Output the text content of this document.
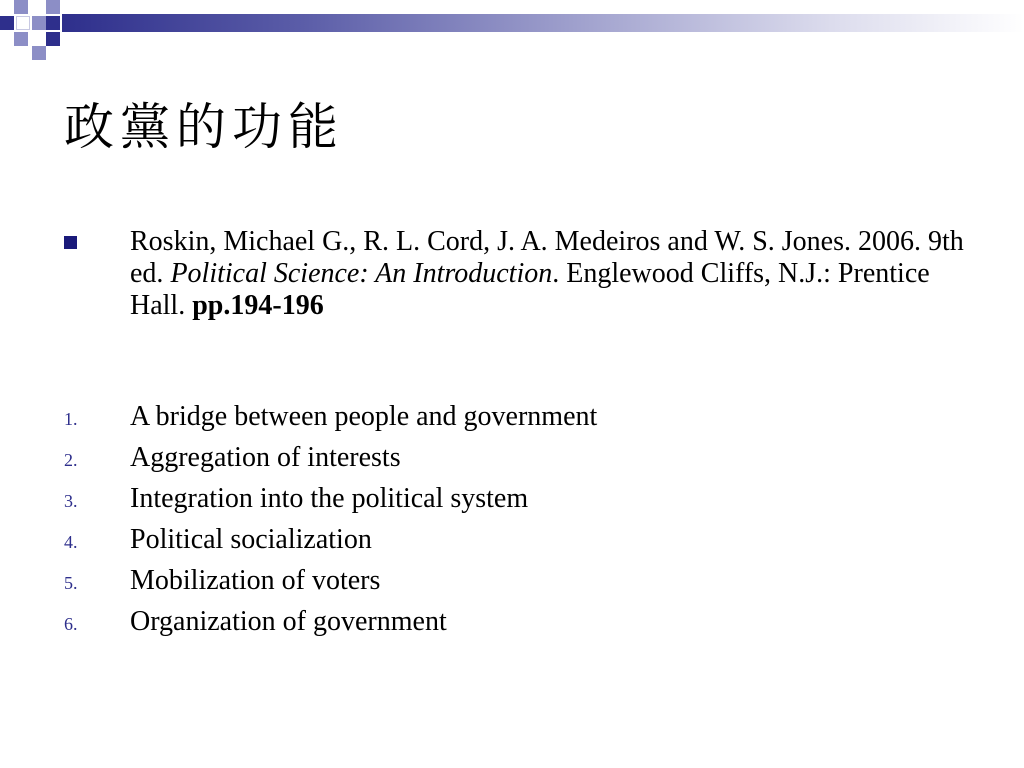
政黨的功能
Roskin, Michael G., R. L. Cord, J. A. Medeiros and W. S. Jones. 2006. 9th ed. Political Science: An Introduction. Englewood Cliffs, N.J.: Prentice Hall. pp.194-196
1.	A bridge between people and government
2.	Aggregation of interests
3.	Integration into the political system
4.	Political socialization
5.	Mobilization of voters
6.	Organization of government
